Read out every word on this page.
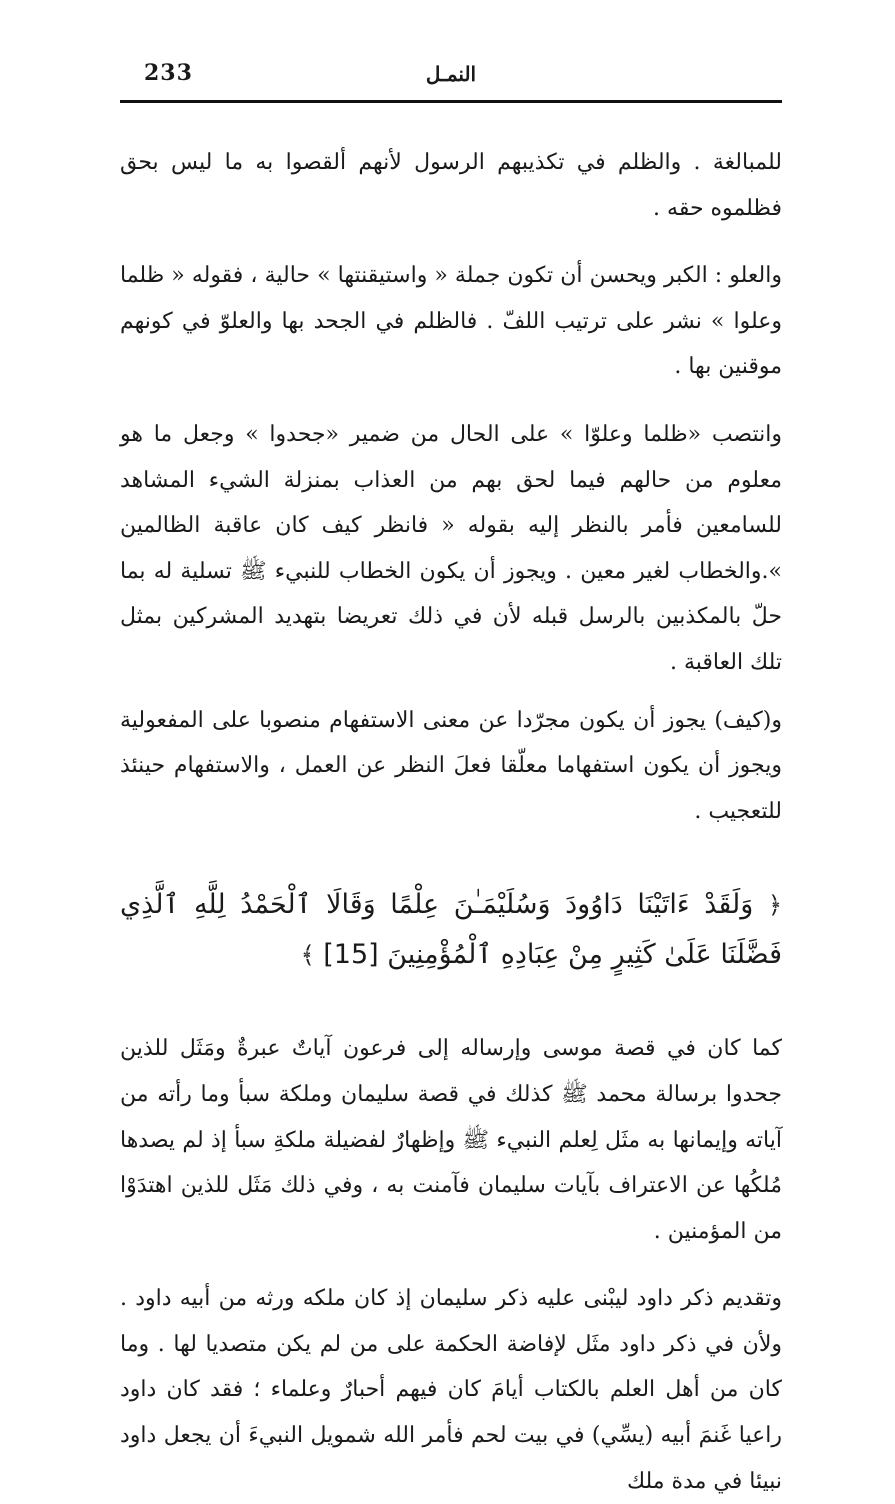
233	النمـل

للمبالغة . والظلم في تكذيبهم الرسول لأنهم ألقصوا به ما ليس بحق فظلموه حقه .

والعلو : الكبر ويحسن أن تكون جملة « واستيقنتها » حالية ، فقوله « ظلما وعلوا » نشر على ترتيب اللفّ . فالظلم في الجحد بها والعلوّ في كونهم موقنين بها .

وانتصب «ظلما وعلوّا » على الحال من ضمير «جحدوا » وجعل ما هو معلوم من حالهم فيما لحق بهم من العذاب بمنزلة الشيء المشاهد للسامعين فأمر بالنظر إليه بقوله « فانظر كيف كان عاقبة الظالمين ».والخطاب لغير معين . ويجوز أن يكون الخطاب للنبيء ﷺ تسلية له بما حلّ بالمكذبين بالرسل قبله لأن في ذلك تعريضا بتهديد المشركين بمثل تلك العاقبة .

و(كيف) يجوز أن يكون مجرّدا عن معنى الاستفهام منصوبا على المفعولية ويجوز أن يكون استفهاما معلّقا فعلَ النظر عن العمل ، والاستفهام حينئذ للتعجيب .

﴿ وَلَقَدْ ءَاتَيْنَا دَاوُودَ وَسُلَيْمَـٰنَ عِلْمًا وَقَالَا ٱلْحَمْدُ لِلَّهِ ٱلَّذِي فَضَّلَنَا عَلَىٰ كَثِيرٍ مِنْ عِبَادِهِ ٱلْمُؤْمِنِينَ [15] ﴾

كما كان في قصة موسى وإرساله إلى فرعون آياتٌ عبرةٌ ومَثَل للذين جحدوا برسالة محمد ﷺ كذلك في قصة سليمان وملكة سبأ وما رأته من آياته وإيمانها به مثَل لِعلم النبيء ﷺ وإظهارٌ لفضيلة ملكةِ سبأ إذ لم يصدها مُلكُها عن الاعتراف بآيات سليمان فآمنت به ، وفي ذلك مَثَل للذين اهتدَوْا من المؤمنين .

وتقديم ذكر داود ليبْنى عليه ذكر سليمان إذ كان ملكه ورثه من أبيه داود . ولأن في ذكر داود مثَل لإفاضة الحكمة على من لم يكن متصديا لها . وما كان من أهل العلم بالكتاب أيامَ كان فيهم أحبارٌ وعلماء ؛ فقد كان داود راعيا غَنمَ أبيه (يسِّي) في بيت لحم فأمر الله شمويل النبيءَ أن يجعل داود نبيئا في مدة ملك
